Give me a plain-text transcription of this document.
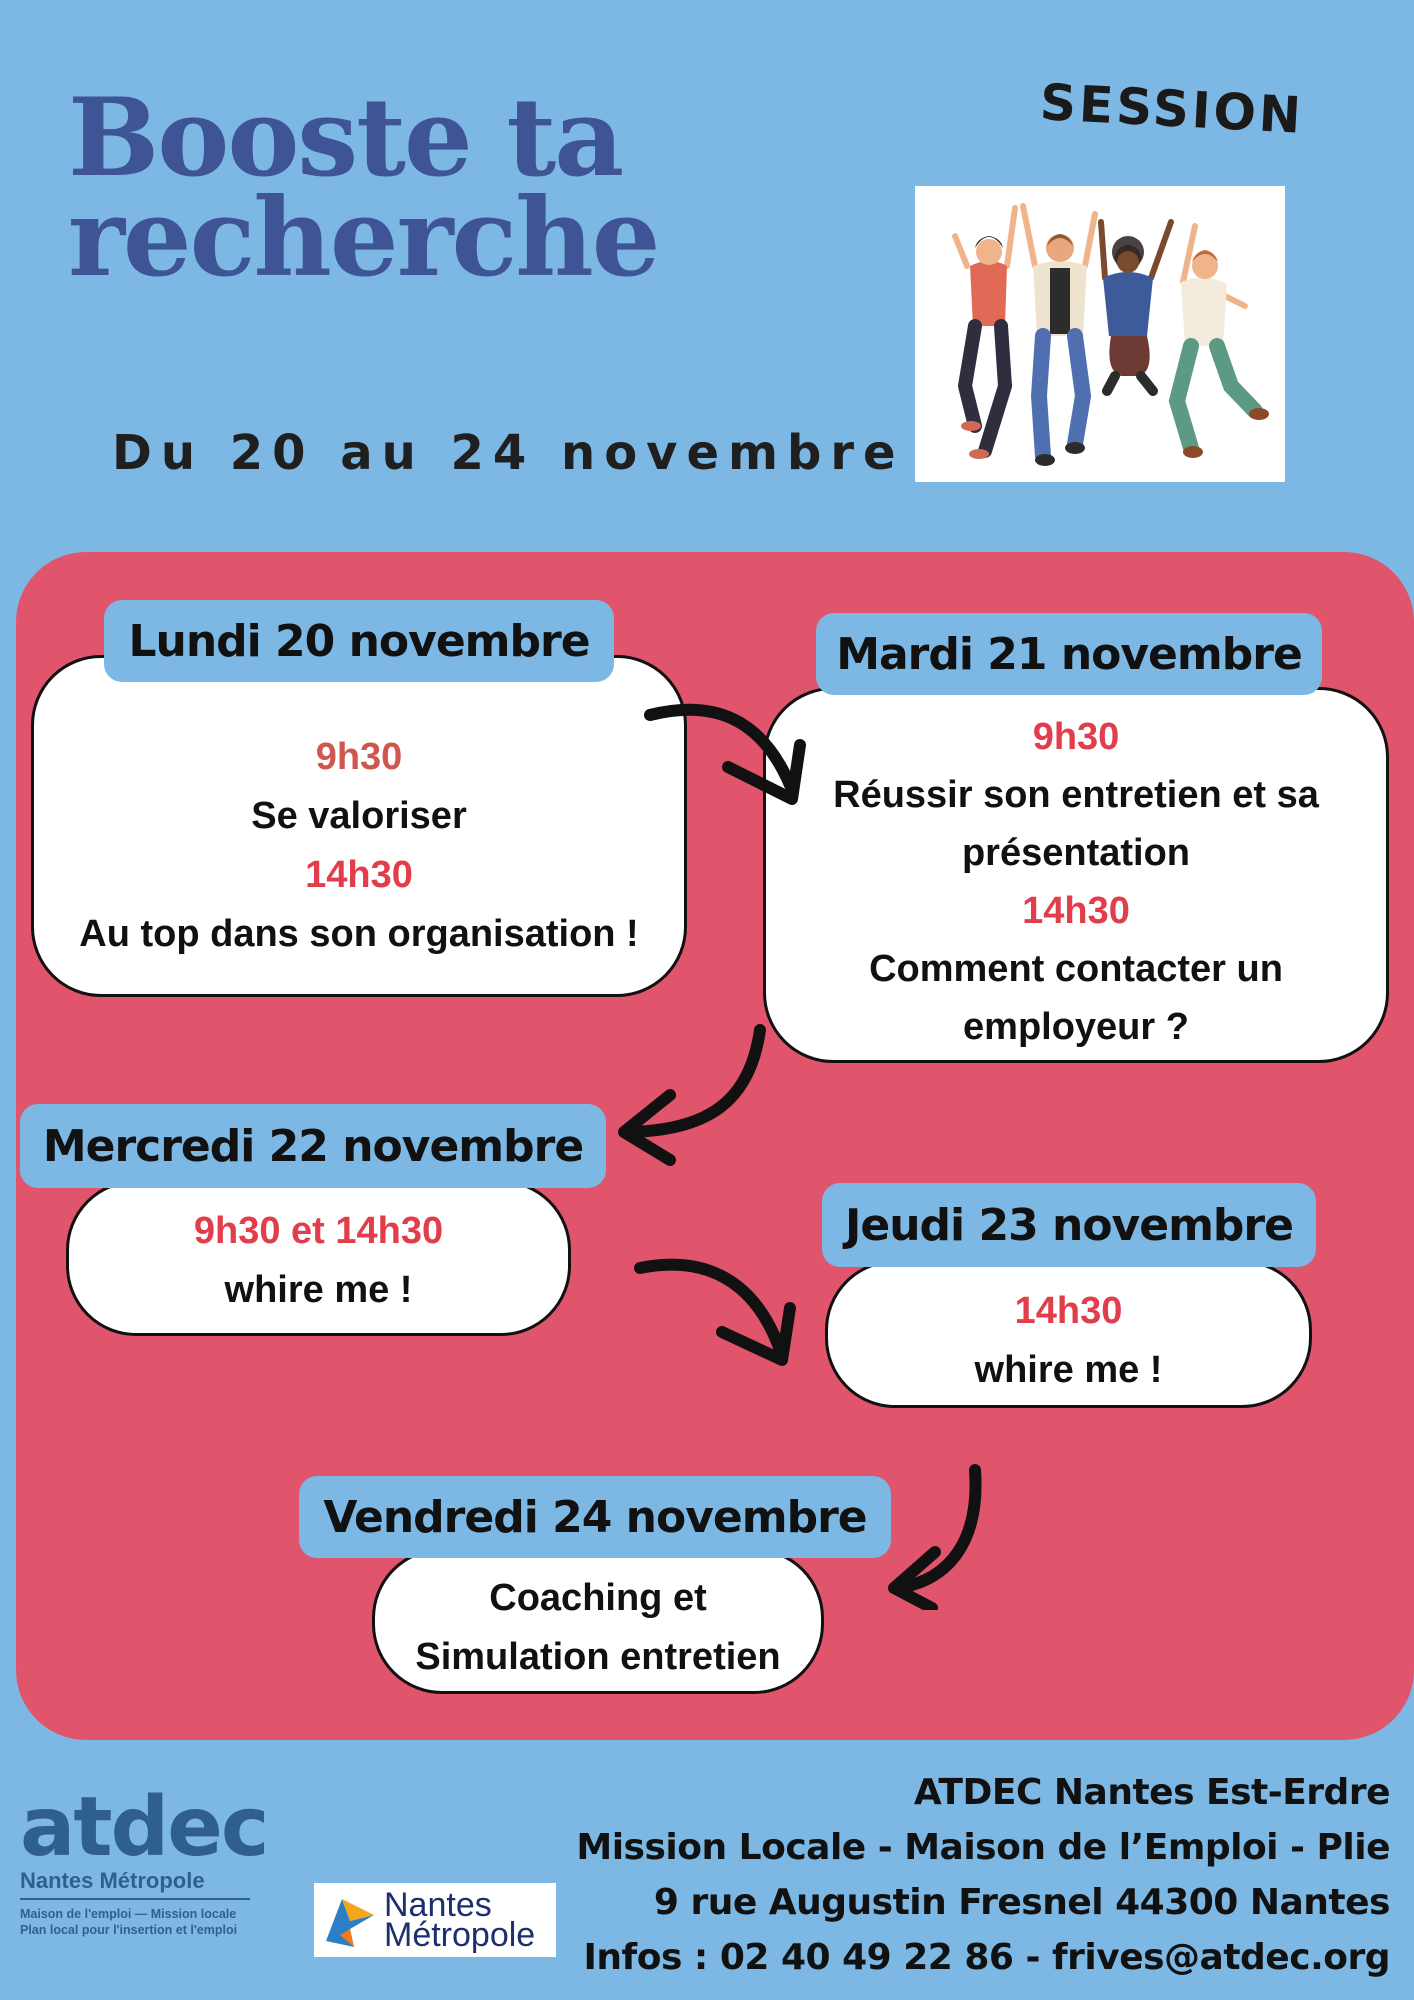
Booste ta
recherche
SESSION
Du 20 au 24 novembre
9h30
Se valoriser
14h30
Au top dans son organisation !
Lundi 20 novembre
9h30
Réussir son entretien et sa
présentation
14h30
Comment contacter un
employeur ?
Mardi 21 novembre
9h30 et 14h30
whire me !
Mercredi 22 novembre
14h30
whire me !
Jeudi 23 novembre
Coaching et
Simulation entretien
Vendredi 24 novembre
atdec
Nantes Métropole
Maison de l'emploi — Mission locale
Plan local pour l'insertion et l'emploi
Nantes
Métropole
ATDEC Nantes Est-Erdre
Mission Locale - Maison de l’Emploi - Plie
9 rue Augustin Fresnel 44300 Nantes
Infos : 02 40 49 22 86 - frives@atdec.org
